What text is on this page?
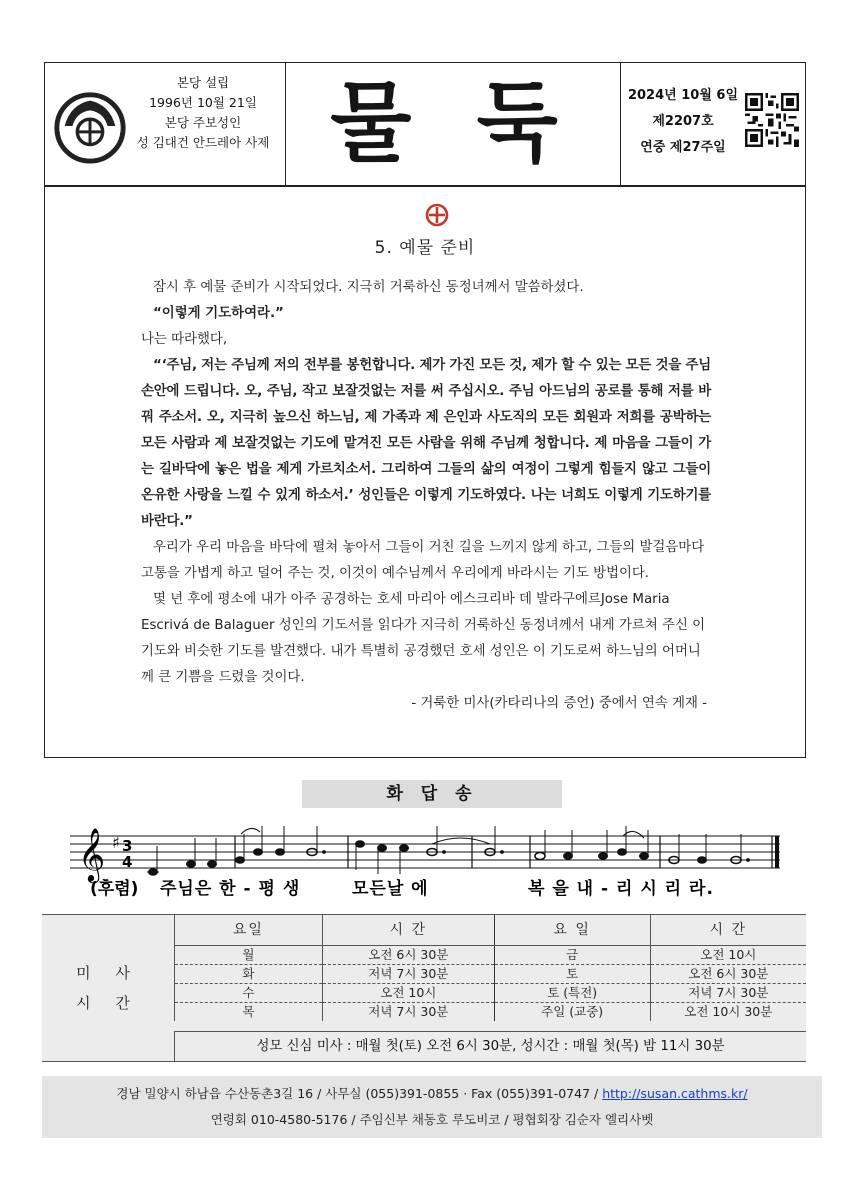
본당 설립
1996년 10월 21일
본당 주보성인
성 김대건 안드레아 사제 물 둑	2024년 10월 6일
제2207호
연중 제27주일
5. 예물 준비

잠시 후 예물 준비가 시작되었다. 지극히 거룩하신 동정녀께서 말씀하셨다.

“이렇게 기도하여라.”

나는 따라했다,

“‘주님, 저는 주님께 저의 전부를 봉헌합니다. 제가 가진 모든 것, 제가 할 수 있는 모든 것을 주님 손안에 드립니다. 오, 주님, 작고 보잘것없는 저를 써 주십시오. 주님 아드님의 공로를 통해 저를 바꿔 주소서. 오, 지극히 높으신 하느님, 제 가족과 제 은인과 사도직의 모든 회원과 저희를 공박하는 모든 사람과 제 보잘것없는 기도에 맡겨진 모든 사람을 위해 주님께 청합니다. 제 마음을 그들이 가는 길바닥에 놓은 법을 제게 가르치소서. 그리하여 그들의 삶의 여정이 그렇게 힘들지 않고 그들이 온유한 사랑을 느낄 수 있게 하소서.’ 성인들은 이렇게 기도하였다. 나는 너희도 이렇게 기도하기를 바란다.”

우리가 우리 마음을 바닥에 펼쳐 놓아서 그들이 거친 길을 느끼지 않게 하고, 그들의 발걸음마다 고통을 가볍게 하고 덜어 주는 것, 이것이 예수님께서 우리에게 바라시는 기도 방법이다.

몇 년 후에 평소에 내가 아주 공경하는 호세 마리아 에스크리바 데 발라구에르Jose Maria Escrivá de Balaguer 성인의 기도서를 읽다가 지극히 거룩하신 동정녀께서 내게 가르쳐 주신 이 기도와 비슷한 기도를 발견했다. 내가 특별히 공경했던 호세 성인은 이 기도로써 하느님의 어머니께 큰 기쁨을 드렸을 것이다.

- 거룩한 미사(카타리나의 증언) 중에서 연속 게재 -

화 답 송
𝄞 ♯ 3
4
(후렴) 주님은 한 - 평 생	모든날 에	복 을 내 - 리 시 리 라.
미 사
시 간
요일	시 간	요 일	시 간
월	오전 6시 30분	금	오전 10시
화	저녁 7시 30분	토	오전 6시 30분
수	오전 10시	토 (특전)	저녁 7시 30분
목	저녁 7시 30분	주일 (교중)	오전 10시 30분
성모 신심 미사 : 매월 첫(토) 오전 6시 30분, 성시간 : 매월 첫(목) 밤 11시 30분
경남 밀양시 하남읍 수산동촌3길 16 / 사무실 (055)391-0855 · Fax (055)391-0747 / http://susan.cathms.kr/
연령회 010-4580-5176 / 주임신부 채동호 루도비코 / 평협회장 김순자 엘리사벳
